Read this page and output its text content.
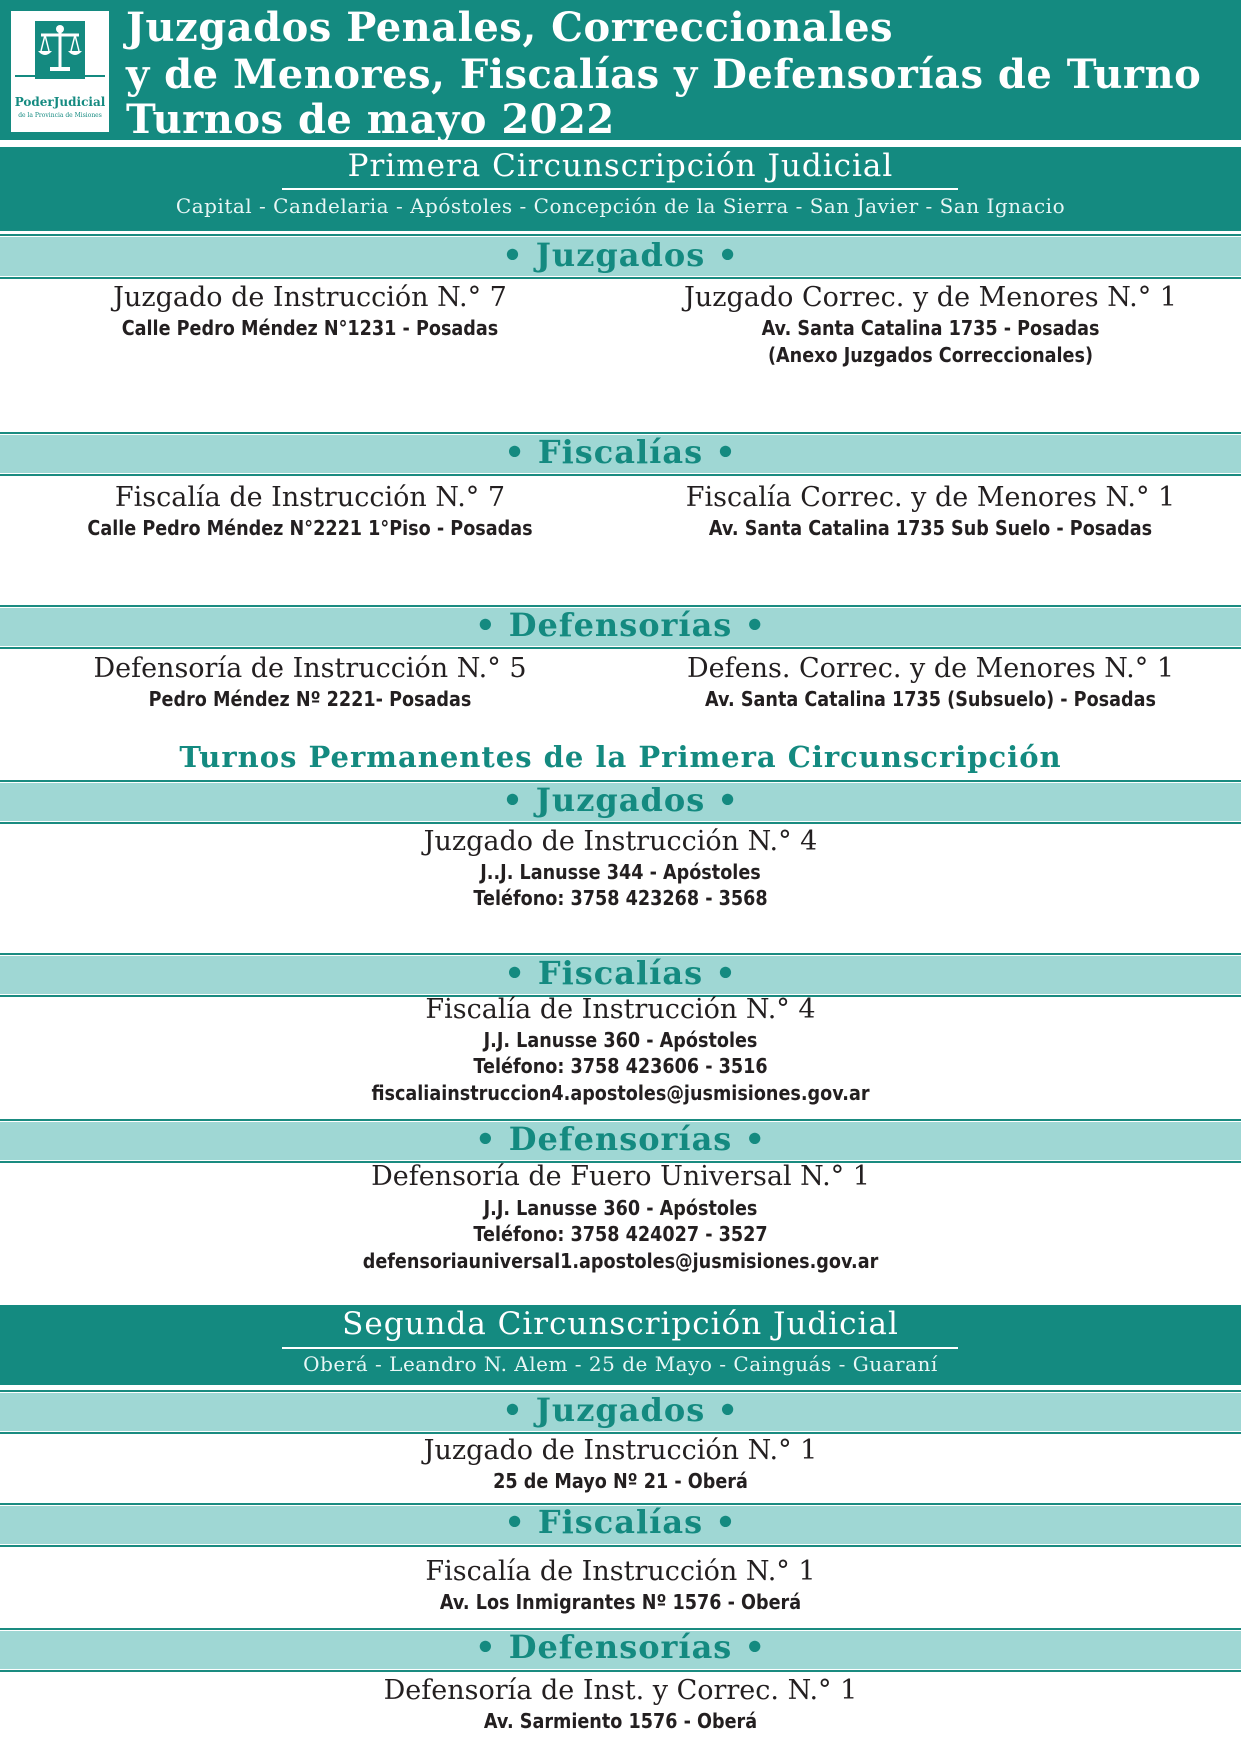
PoderJudicial
de la Provincia de Misiones
Juzgados Penales, Correccionales
y de Menores, Fiscalías y Defensorías de Turno
Turnos de mayo 2022
Primera Circunscripción Judicial
Capital - Candelaria - Apóstoles - Concepción de la Sierra - San Javier - San Ignacio
• Juzgados •
Juzgado de Instrucción N.° 7
Calle Pedro Méndez N°1231 - Posadas
Juzgado Correc. y de Menores N.° 1
Av. Santa Catalina 1735 - Posadas
(Anexo Juzgados Correccionales)
• Fiscalías •
Fiscalía de Instrucción N.° 7
Calle Pedro Méndez N°2221 1°Piso - Posadas
Fiscalía Correc. y de Menores N.° 1
Av. Santa Catalina 1735 Sub Suelo - Posadas
• Defensorías •
Defensoría de Instrucción N.° 5
Pedro Méndez Nº 2221- Posadas
Defens. Correc. y de Menores N.° 1
Av. Santa Catalina 1735 (Subsuelo) - Posadas
Turnos Permanentes de la Primera Circunscripción
• Juzgados •
Juzgado de Instrucción N.° 4
J..J. Lanusse 344 - Apóstoles
Teléfono: 3758 423268 - 3568
• Fiscalías •
Fiscalía de Instrucción N.° 4
J.J. Lanusse 360 - Apóstoles
Teléfono: 3758 423606 - 3516
fiscaliainstruccion4.apostoles@jusmisiones.gov.ar
• Defensorías •
Defensoría de Fuero Universal N.° 1
J.J. Lanusse 360 - Apóstoles
Teléfono: 3758 424027 - 3527
defensoriauniversal1.apostoles@jusmisiones.gov.ar
Segunda Circunscripción Judicial
Oberá - Leandro N. Alem - 25 de Mayo - Cainguás - Guaraní
• Juzgados •
Juzgado de Instrucción N.° 1
25 de Mayo Nº 21 - Oberá
• Fiscalías •
Fiscalía de Instrucción N.° 1
Av. Los Inmigrantes Nº 1576 - Oberá
• Defensorías •
Defensoría de Inst. y Correc. N.° 1
Av. Sarmiento 1576 - Oberá
